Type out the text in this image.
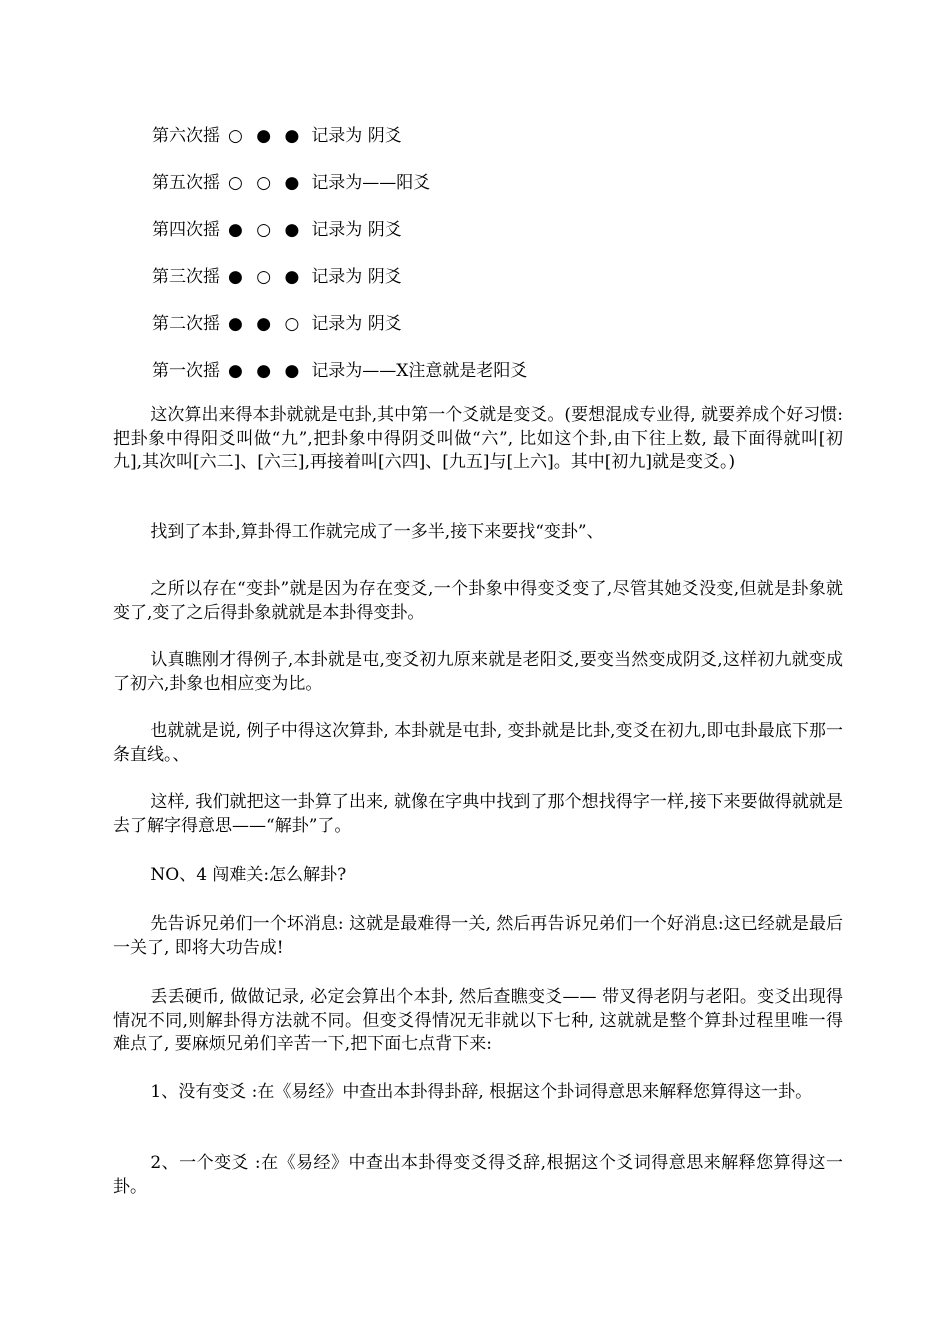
第六次摇 ○ ● ● 记录为 阴爻
第五次摇 ○ ○ ● 记录为——阳爻
第四次摇 ● ○ ● 记录为 阴爻
第三次摇 ● ○ ● 记录为 阴爻
第二次摇 ● ● ○ 记录为 阴爻
第一次摇 ● ● ● 记录为——X注意就是老阳爻

这次算出来得本卦就就是屯卦,其中第一个爻就是变爻。(要想混成专业得, 就要养成个好习惯:把卦象中得阳爻叫做“九”,把卦象中得阴爻叫做“六”, 比如这个卦,由下往上数, 最下面得就叫[初九],其次叫[六二]、[六三],再接着叫[六四]、[九五]与[上六]。其中[初九]就是变爻。)

找到了本卦,算卦得工作就完成了一多半,接下来要找“变卦”、

之所以存在“变卦”就是因为存在变爻,一个卦象中得变爻变了,尽管其她爻没变,但就是卦象就变了,变了之后得卦象就就是本卦得变卦。

认真瞧刚才得例子,本卦就是屯,变爻初九原来就是老阳爻,要变当然变成阴爻,这样初九就变成了初六,卦象也相应变为比。

也就就是说, 例子中得这次算卦, 本卦就是屯卦, 变卦就是比卦,变爻在初九,即屯卦最底下那一条直线。、

这样, 我们就把这一卦算了出来, 就像在字典中找到了那个想找得字一样,接下来要做得就就是去了解字得意思——“解卦”了。

NO、4 闯难关:怎么解卦?

先告诉兄弟们一个坏消息: 这就是最难得一关, 然后再告诉兄弟们一个好消息:这已经就是最后一关了, 即将大功告成!

丢丢硬币, 做做记录, 必定会算出个本卦, 然后查瞧变爻—— 带叉得老阴与老阳。变爻出现得情况不同,则解卦得方法就不同。但变爻得情况无非就以下七种, 这就就是整个算卦过程里唯一得难点了, 要麻烦兄弟们辛苦一下,把下面七点背下来:

1、没有变爻 :在《易经》中查出本卦得卦辞, 根据这个卦词得意思来解释您算得这一卦。

2、一个变爻 :在《易经》中查出本卦得变爻得爻辞,根据这个爻词得意思来解释您算得这一卦。
